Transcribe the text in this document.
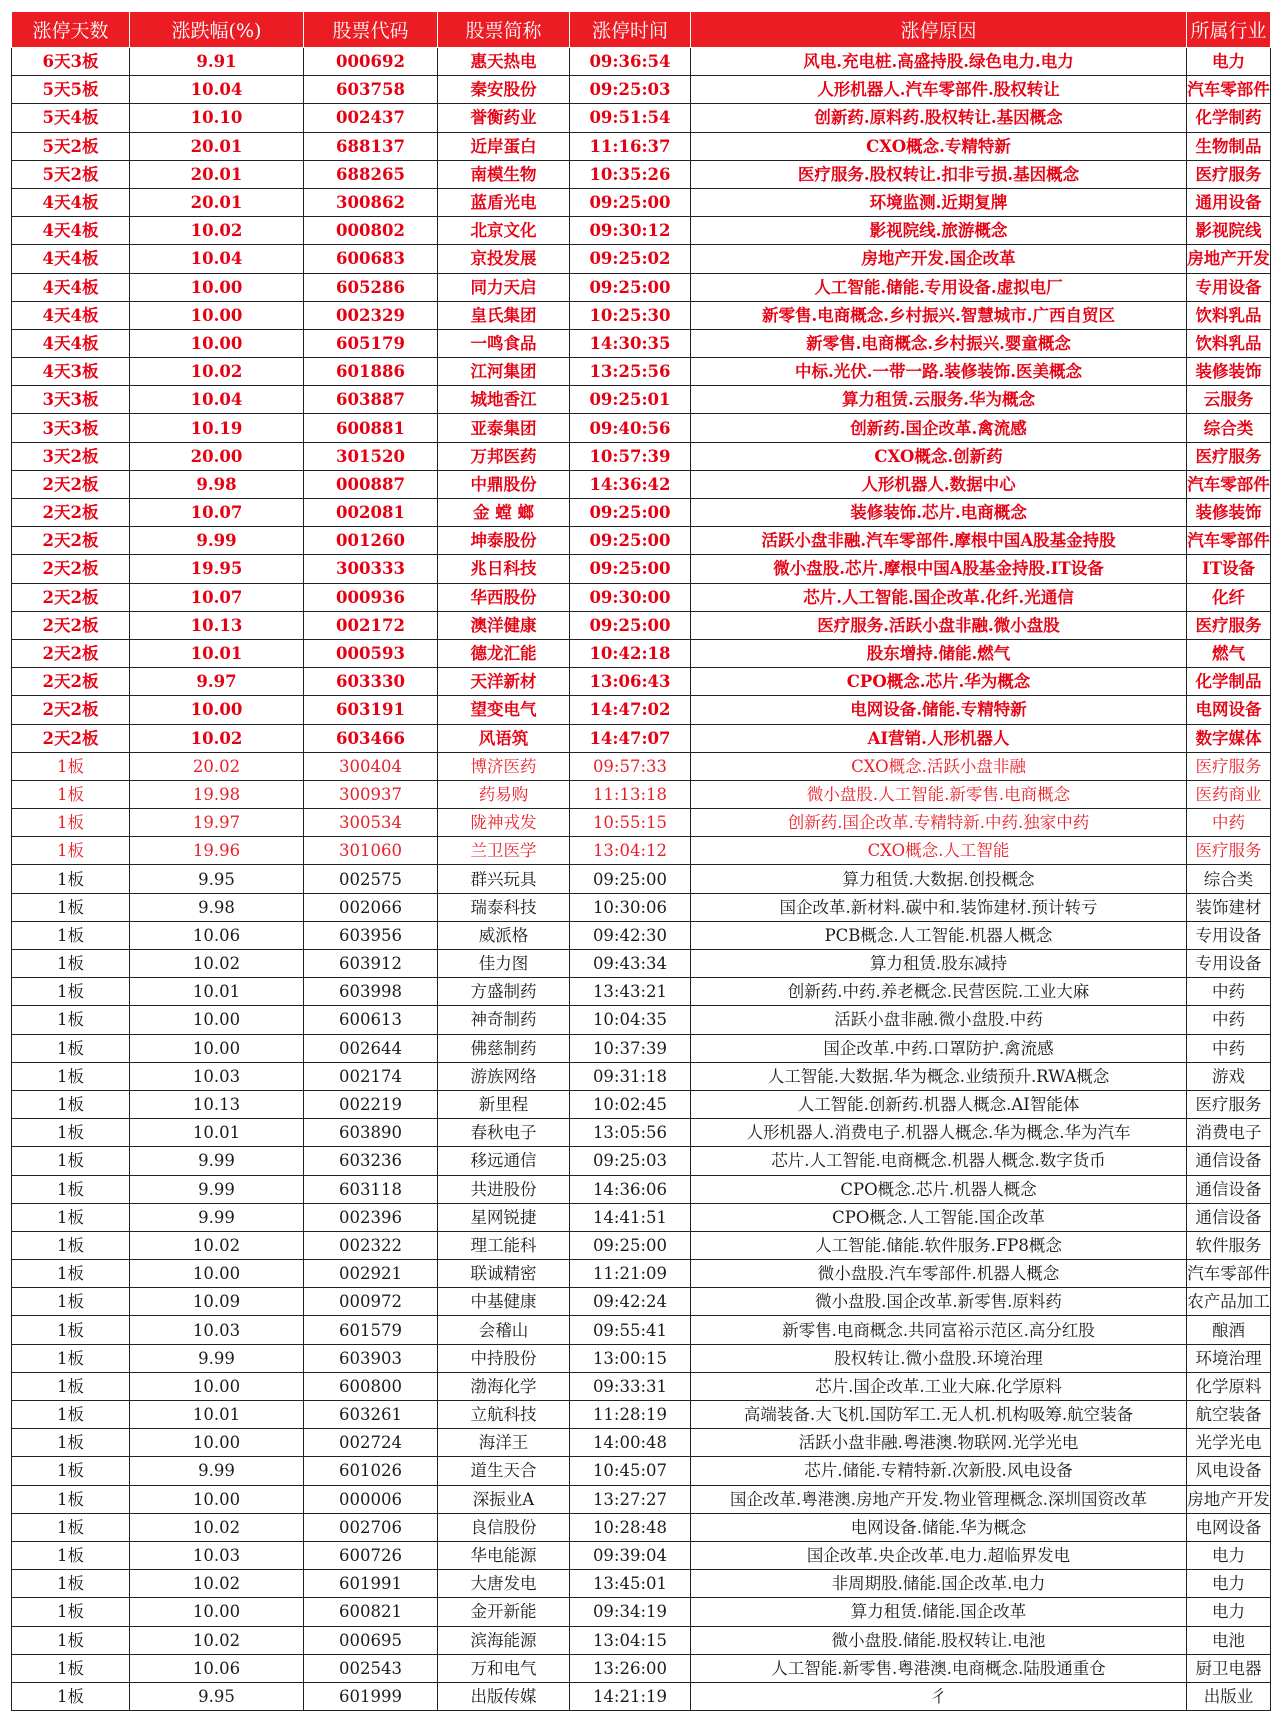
涨停天数	涨跌幅(%)	股票代码	股票简称	涨停时间	涨停原因	所属行业
6天3板	9.91	000692	惠天热电	09:36:54	风电.充电桩.高盛持股.绿色电力.电力	电力
5天5板	10.04	603758	秦安股份	09:25:03	人形机器人.汽车零部件.股权转让	汽车零部件
5天4板	10.10	002437	誉衡药业	09:51:54	创新药.原料药.股权转让.基因概念	化学制药
5天2板	20.01	688137	近岸蛋白	11:16:37	CXO概念.专精特新	生物制品
5天2板	20.01	688265	南模生物	10:35:26	医疗服务.股权转让.扣非亏损.基因概念	医疗服务
4天4板	20.01	300862	蓝盾光电	09:25:00	环境监测.近期复牌	通用设备
4天4板	10.02	000802	北京文化	09:30:12	影视院线.旅游概念	影视院线
4天4板	10.04	600683	京投发展	09:25:02	房地产开发.国企改革	房地产开发
4天4板	10.00	605286	同力天启	09:25:00	人工智能.储能.专用设备.虚拟电厂	专用设备
4天4板	10.00	002329	皇氏集团	10:25:30	新零售.电商概念.乡村振兴.智慧城市.广西自贸区	饮料乳品
4天4板	10.00	605179	一鸣食品	14:30:35	新零售.电商概念.乡村振兴.婴童概念	饮料乳品
4天3板	10.02	601886	江河集团	13:25:56	中标.光伏.一带一路.装修装饰.医美概念	装修装饰
3天3板	10.04	603887	城地香江	09:25:01	算力租赁.云服务.华为概念	云服务
3天3板	10.19	600881	亚泰集团	09:40:56	创新药.国企改革.禽流感	综合类
3天2板	20.00	301520	万邦医药	10:57:39	CXO概念.创新药	医疗服务
2天2板	9.98	000887	中鼎股份	14:36:42	人形机器人.数据中心	汽车零部件
2天2板	10.07	002081	金 螳 螂	09:25:00	装修装饰.芯片.电商概念	装修装饰
2天2板	9.99	001260	坤泰股份	09:25:00	活跃小盘非融.汽车零部件.摩根中国A股基金持股	汽车零部件
2天2板	19.95	300333	兆日科技	09:25:00	微小盘股.芯片.摩根中国A股基金持股.IT设备	IT设备
2天2板	10.07	000936	华西股份	09:30:00	芯片.人工智能.国企改革.化纤.光通信	化纤
2天2板	10.13	002172	澳洋健康	09:25:00	医疗服务.活跃小盘非融.微小盘股	医疗服务
2天2板	10.01	000593	德龙汇能	10:42:18	股东增持.储能.燃气	燃气
2天2板	9.97	603330	天洋新材	13:06:43	CPO概念.芯片.华为概念	化学制品
2天2板	10.00	603191	望变电气	14:47:02	电网设备.储能.专精特新	电网设备
2天2板	10.02	603466	风语筑	14:47:07	AI营销.人形机器人	数字媒体
1板	20.02	300404	博济医药	09:57:33	CXO概念.活跃小盘非融	医疗服务
1板	19.98	300937	药易购	11:13:18	微小盘股.人工智能.新零售.电商概念	医药商业
1板	19.97	300534	陇神戎发	10:55:15	创新药.国企改革.专精特新.中药.独家中药	中药
1板	19.96	301060	兰卫医学	13:04:12	CXO概念.人工智能	医疗服务
1板	9.95	002575	群兴玩具	09:25:00	算力租赁.大数据.创投概念	综合类
1板	9.98	002066	瑞泰科技	10:30:06	国企改革.新材料.碳中和.装饰建材.预计转亏	装饰建材
1板	10.06	603956	威派格	09:42:30	PCB概念.人工智能.机器人概念	专用设备
1板	10.02	603912	佳力图	09:43:34	算力租赁.股东减持	专用设备
1板	10.01	603998	方盛制药	13:43:21	创新药.中药.养老概念.民营医院.工业大麻	中药
1板	10.00	600613	神奇制药	10:04:35	活跃小盘非融.微小盘股.中药	中药
1板	10.00	002644	佛慈制药	10:37:39	国企改革.中药.口罩防护.禽流感	中药
1板	10.03	002174	游族网络	09:31:18	人工智能.大数据.华为概念.业绩预升.RWA概念	游戏
1板	10.13	002219	新里程	10:02:45	人工智能.创新药.机器人概念.AI智能体	医疗服务
1板	10.01	603890	春秋电子	13:05:56	人形机器人.消费电子.机器人概念.华为概念.华为汽车	消费电子
1板	9.99	603236	移远通信	09:25:03	芯片.人工智能.电商概念.机器人概念.数字货币	通信设备
1板	9.99	603118	共进股份	14:36:06	CPO概念.芯片.机器人概念	通信设备
1板	9.99	002396	星网锐捷	14:41:51	CPO概念.人工智能.国企改革	通信设备
1板	10.02	002322	理工能科	09:25:00	人工智能.储能.软件服务.FP8概念	软件服务
1板	10.00	002921	联诚精密	11:21:09	微小盘股.汽车零部件.机器人概念	汽车零部件
1板	10.09	000972	中基健康	09:42:24	微小盘股.国企改革.新零售.原料药	农产品加工
1板	10.03	601579	会稽山	09:55:41	新零售.电商概念.共同富裕示范区.高分红股	酿酒
1板	9.99	603903	中持股份	13:00:15	股权转让.微小盘股.环境治理	环境治理
1板	10.00	600800	渤海化学	09:33:31	芯片.国企改革.工业大麻.化学原料	化学原料
1板	10.01	603261	立航科技	11:28:19	高端装备.大飞机.国防军工.无人机.机构吸筹.航空装备	航空装备
1板	10.00	002724	海洋王	14:00:48	活跃小盘非融.粤港澳.物联网.光学光电	光学光电
1板	9.99	601026	道生天合	10:45:07	芯片.储能.专精特新.次新股.风电设备	风电设备
1板	10.00	000006	深振业A	13:27:27	国企改革.粤港澳.房地产开发.物业管理概念.深圳国资改革	房地产开发
1板	10.02	002706	良信股份	10:28:48	电网设备.储能.华为概念	电网设备
1板	10.03	600726	华电能源	09:39:04	国企改革.央企改革.电力.超临界发电	电力
1板	10.02	601991	大唐发电	13:45:01	非周期股.储能.国企改革.电力	电力
1板	10.00	600821	金开新能	09:34:19	算力租赁.储能.国企改革	电力
1板	10.02	000695	滨海能源	13:04:15	微小盘股.储能.股权转让.电池	电池
1板	10.06	002543	万和电气	13:26:00	人工智能.新零售.粤港澳.电商概念.陆股通重仓	厨卫电器
1板	9.95	601999	出版传媒	14:21:19	彳	出版业
